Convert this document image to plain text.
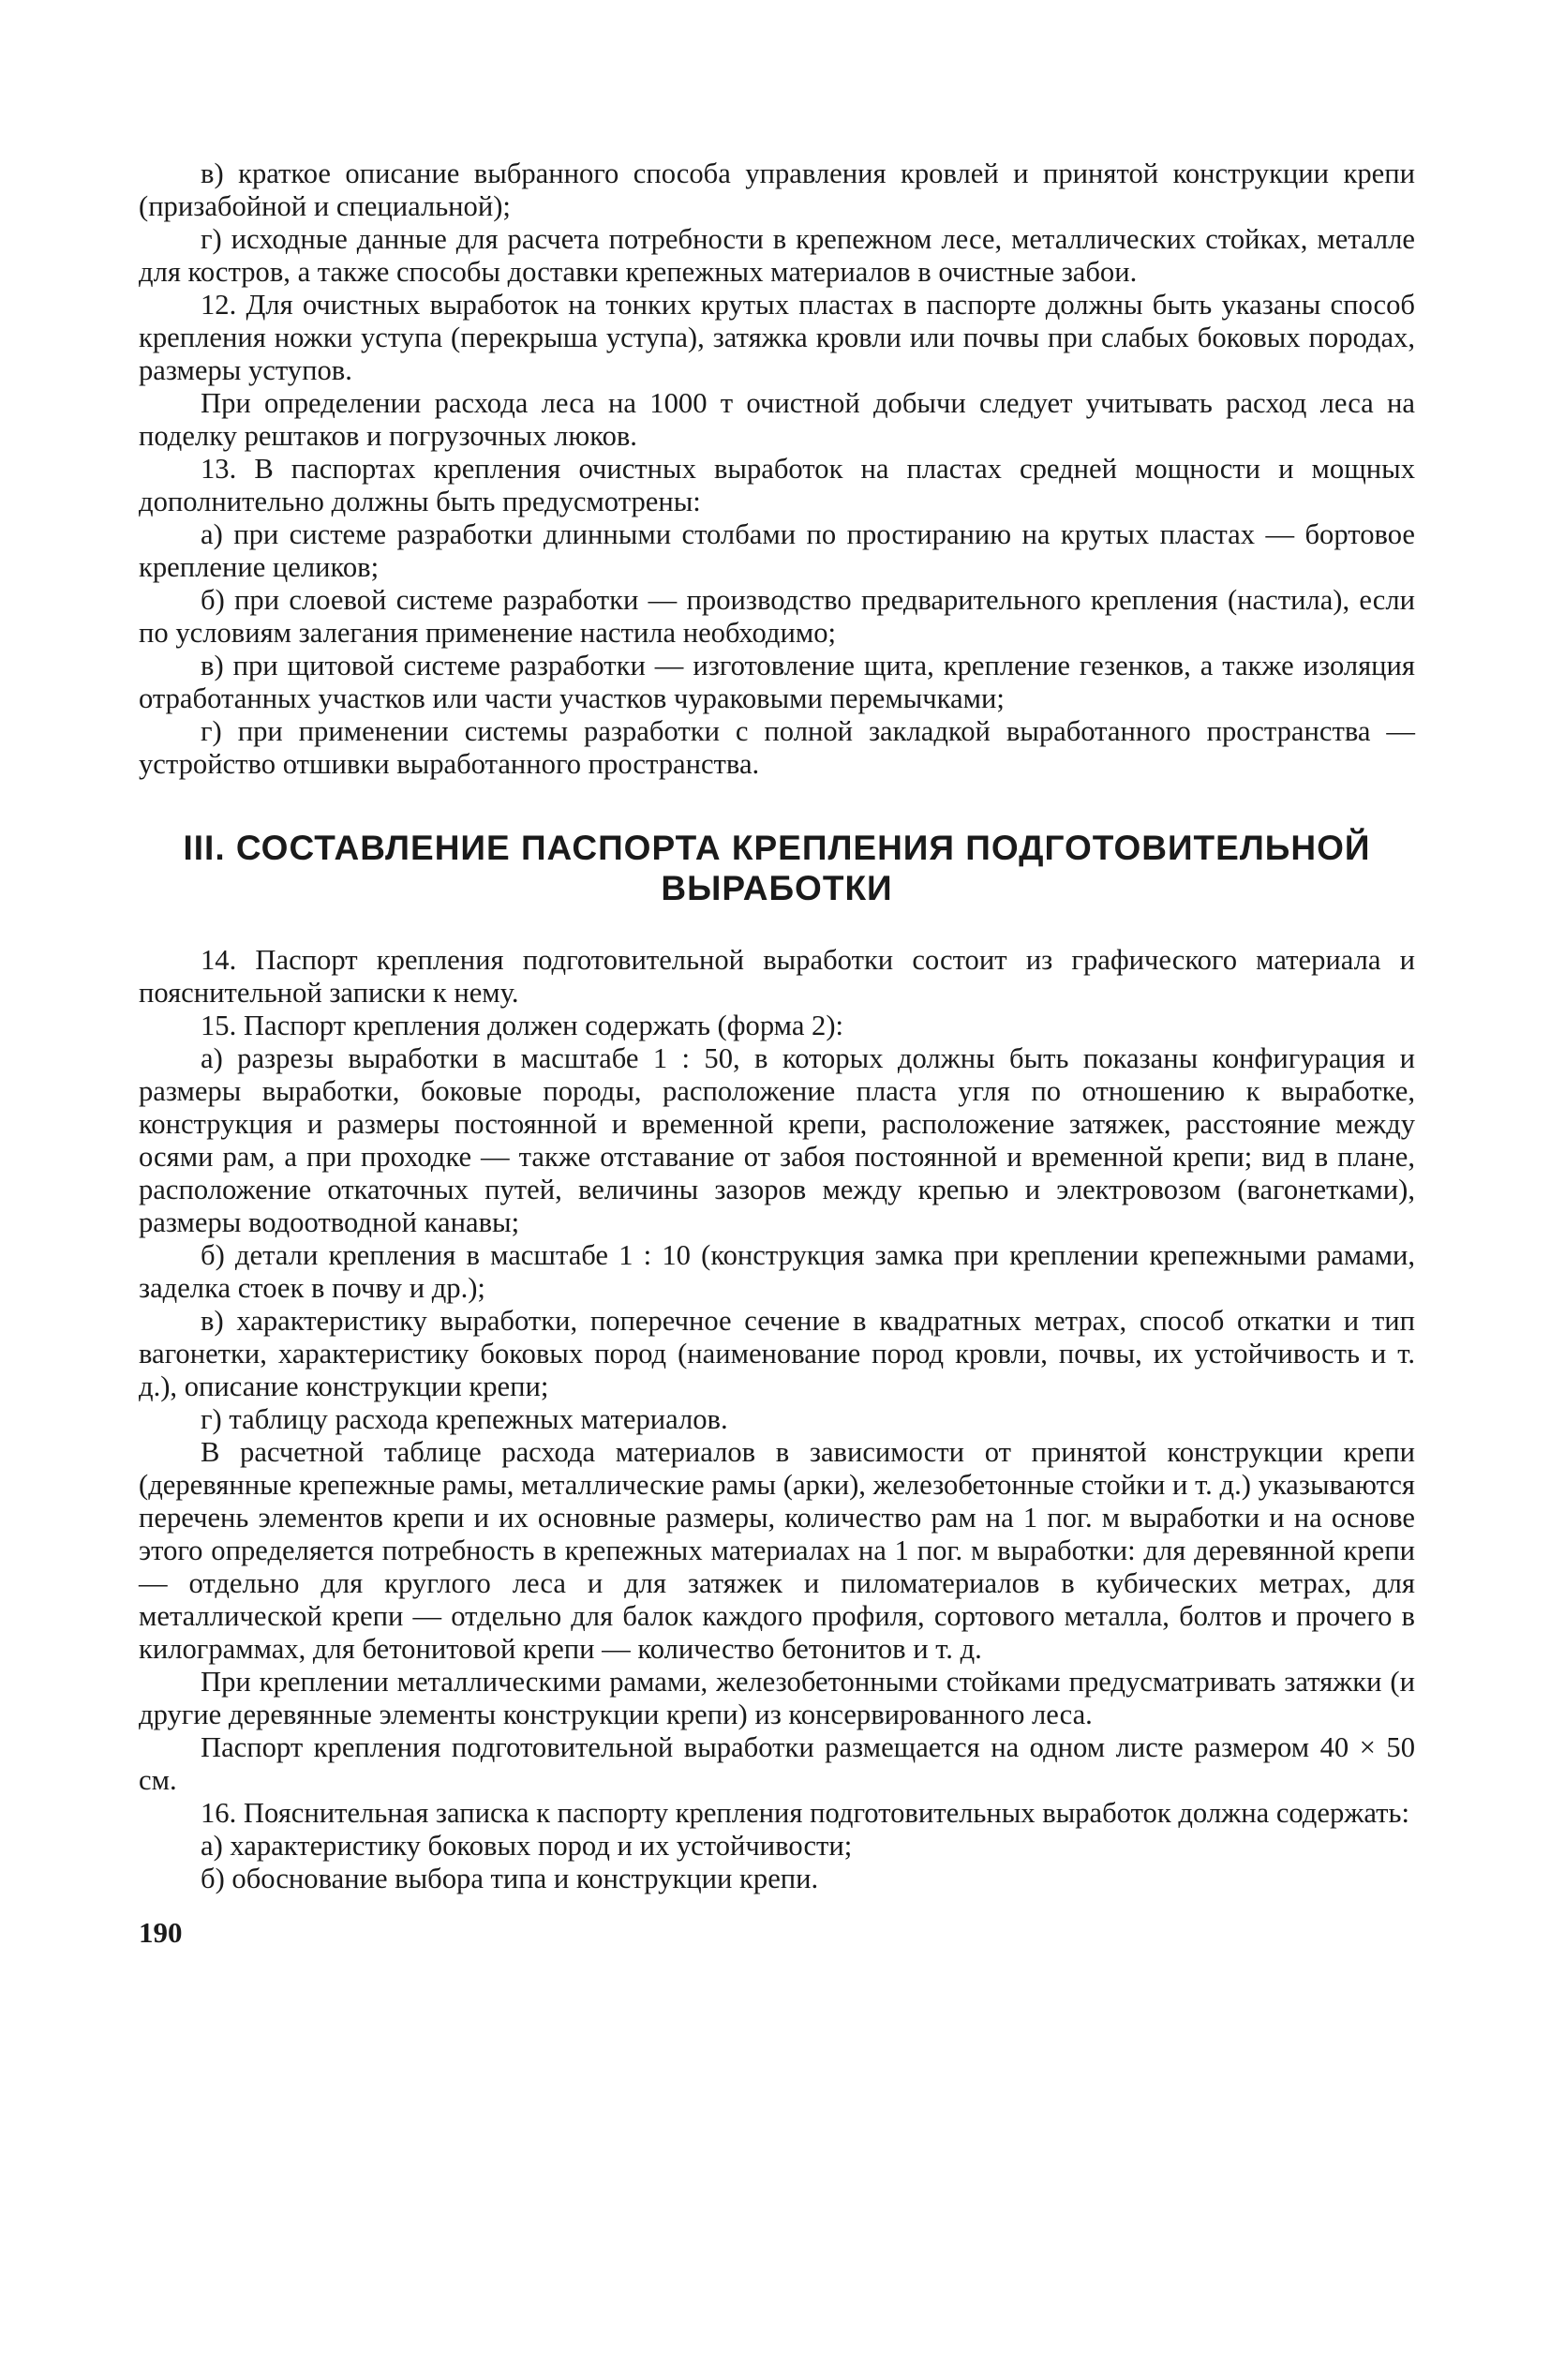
в) краткое описание выбранного способа управления кровлей и принятой конструкции крепи (призабойной и специальной);

г) исходные данные для расчета потребности в крепежном лесе, металлических стойках, металле для костров, а также способы доставки крепежных материалов в очистные забои.

12. Для очистных выработок на тонких крутых пластах в паспорте должны быть указаны способ крепления ножки уступа (перекрыша уступа), затяжка кровли или почвы при слабых боковых породах, размеры уступов.

При определении расхода леса на 1000 т очистной добычи следует учитывать расход леса на поделку рештаков и погрузочных люков.

13. В паспортах крепления очистных выработок на пластах средней мощности и мощных дополнительно должны быть предусмотрены:

а) при системе разработки длинными столбами по простиранию на крутых пластах — бортовое крепление целиков;

б) при слоевой системе разработки — производство предварительного крепления (настила), если по условиям залегания применение настила необходимо;

в) при щитовой системе разработки — изготовление щита, крепление гезенков, а также изоляция отработанных участков или части участков чураковыми перемычками;

г) при применении системы разработки с полной закладкой выработанного пространства — устройство отшивки выработанного пространства.

III. СОСТАВЛЕНИЕ ПАСПОРТА КРЕПЛЕНИЯ ПОДГОТОВИТЕЛЬНОЙ ВЫРАБОТКИ

14. Паспорт крепления подготовительной выработки состоит из графического материала и пояснительной записки к нему.

15. Паспорт крепления должен содержать (форма 2):

а) разрезы выработки в масштабе 1 : 50, в которых должны быть показаны конфигурация и размеры выработки, боковые породы, расположение пласта угля по отношению к выработке, конструкция и размеры постоянной и временной крепи, расположение затяжек, расстояние между осями рам, а при проходке — также отставание от забоя постоянной и временной крепи; вид в плане, расположение откаточных путей, величины зазоров между крепью и электровозом (вагонетками), размеры водоотводной канавы;

б) детали крепления в масштабе 1 : 10 (конструкция замка при креплении крепежными рамами, заделка стоек в почву и др.);

в) характеристику выработки, поперечное сечение в квадратных метрах, способ откатки и тип вагонетки, характеристику боковых пород (наименование пород кровли, почвы, их устойчивость и т. д.), описание конструкции крепи;

г) таблицу расхода крепежных материалов.

В расчетной таблице расхода материалов в зависимости от принятой конструкции крепи (деревянные крепежные рамы, металлические рамы (арки), железобетонные стойки и т. д.) указываются перечень элементов крепи и их основные размеры, количество рам на 1 пог. м выработки и на основе этого определяется потребность в крепежных материалах на 1 пог. м выработки: для деревянной крепи — отдельно для круглого леса и для затяжек и пиломатериалов в кубических метрах, для металлической крепи — отдельно для балок каждого профиля, сортового металла, болтов и прочего в килограммах, для бетонитовой крепи — количество бетонитов и т. д.

При креплении металлическими рамами, железобетонными стойками предусматривать затяжки (и другие деревянные элементы конструкции крепи) из консервированного леса.

Паспорт крепления подготовительной выработки размещается на одном листе размером 40 × 50 см.

16. Пояснительная записка к паспорту крепления подготовительных выработок должна содержать:

а) характеристику боковых пород и их устойчивости;

б) обоснование выбора типа и конструкции крепи.

190
